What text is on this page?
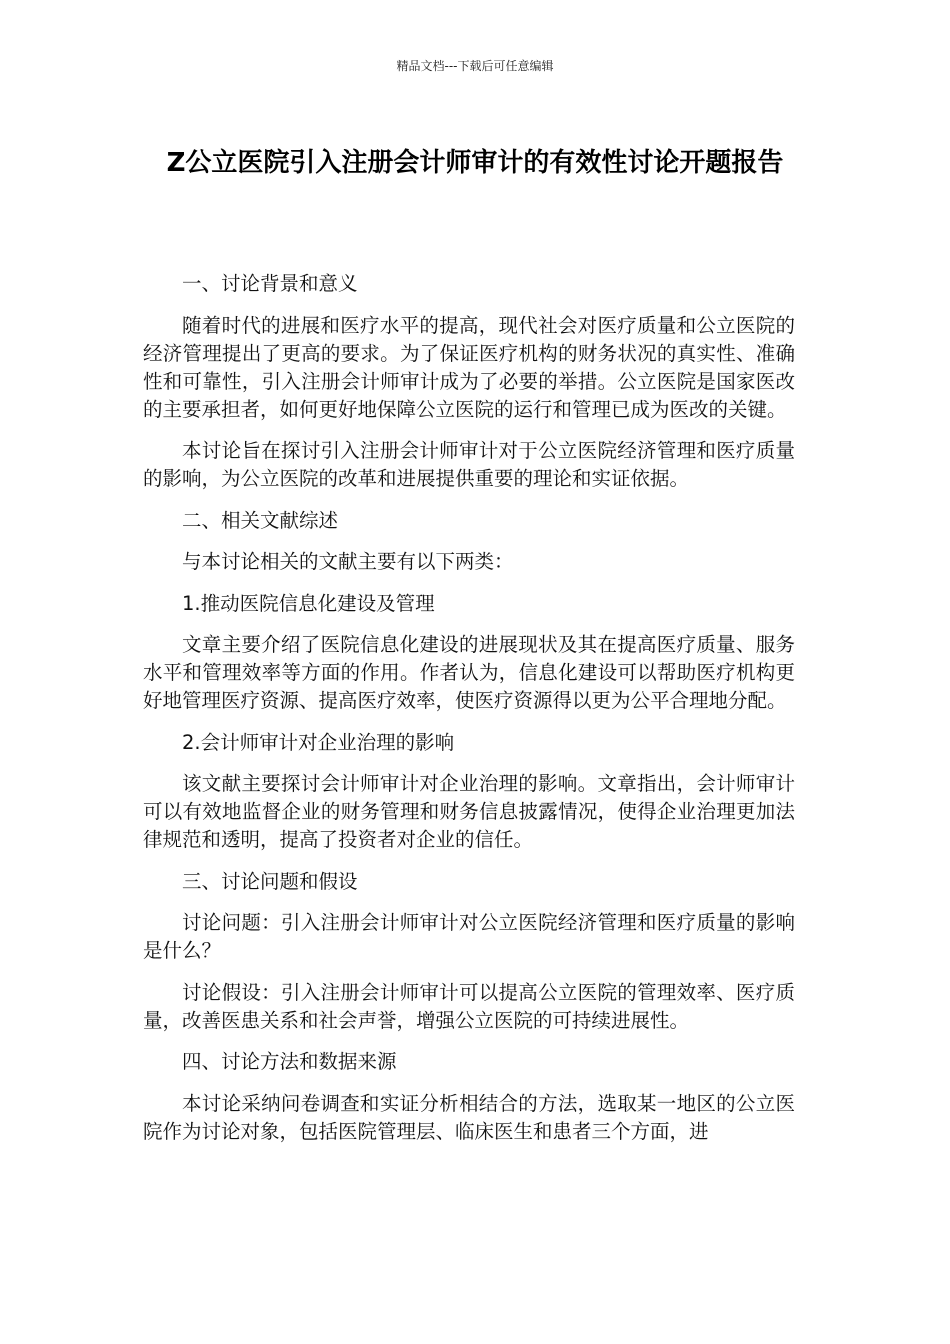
精品文档---下载后可任意编辑
Z公立医院引入注册会计师审计的有效性讨论开题报告

一、讨论背景和意义

随着时代的进展和医疗水平的提高，现代社会对医疗质量和公立医院的经济管理提出了更高的要求。为了保证医疗机构的财务状况的真实性、准确性和可靠性，引入注册会计师审计成为了必要的举措。公立医院是国家医改的主要承担者，如何更好地保障公立医院的运行和管理已成为医改的关键。

本讨论旨在探讨引入注册会计师审计对于公立医院经济管理和医疗质量的影响，为公立医院的改革和进展提供重要的理论和实证依据。

二、相关文献综述

与本讨论相关的文献主要有以下两类：

1.推动医院信息化建设及管理

文章主要介绍了医院信息化建设的进展现状及其在提高医疗质量、服务水平和管理效率等方面的作用。作者认为，信息化建设可以帮助医疗机构更好地管理医疗资源、提高医疗效率，使医疗资源得以更为公平合理地分配。

2.会计师审计对企业治理的影响

该文献主要探讨会计师审计对企业治理的影响。文章指出，会计师审计可以有效地监督企业的财务管理和财务信息披露情况，使得企业治理更加法律规范和透明，提高了投资者对企业的信任。

三、讨论问题和假设

讨论问题：引入注册会计师审计对公立医院经济管理和医疗质量的影响是什么？

讨论假设：引入注册会计师审计可以提高公立医院的管理效率、医疗质量，改善医患关系和社会声誉，增强公立医院的可持续进展性。

四、讨论方法和数据来源

本讨论采纳问卷调查和实证分析相结合的方法，选取某一地区的公立医院作为讨论对象，包括医院管理层、临床医生和患者三个方面，进
